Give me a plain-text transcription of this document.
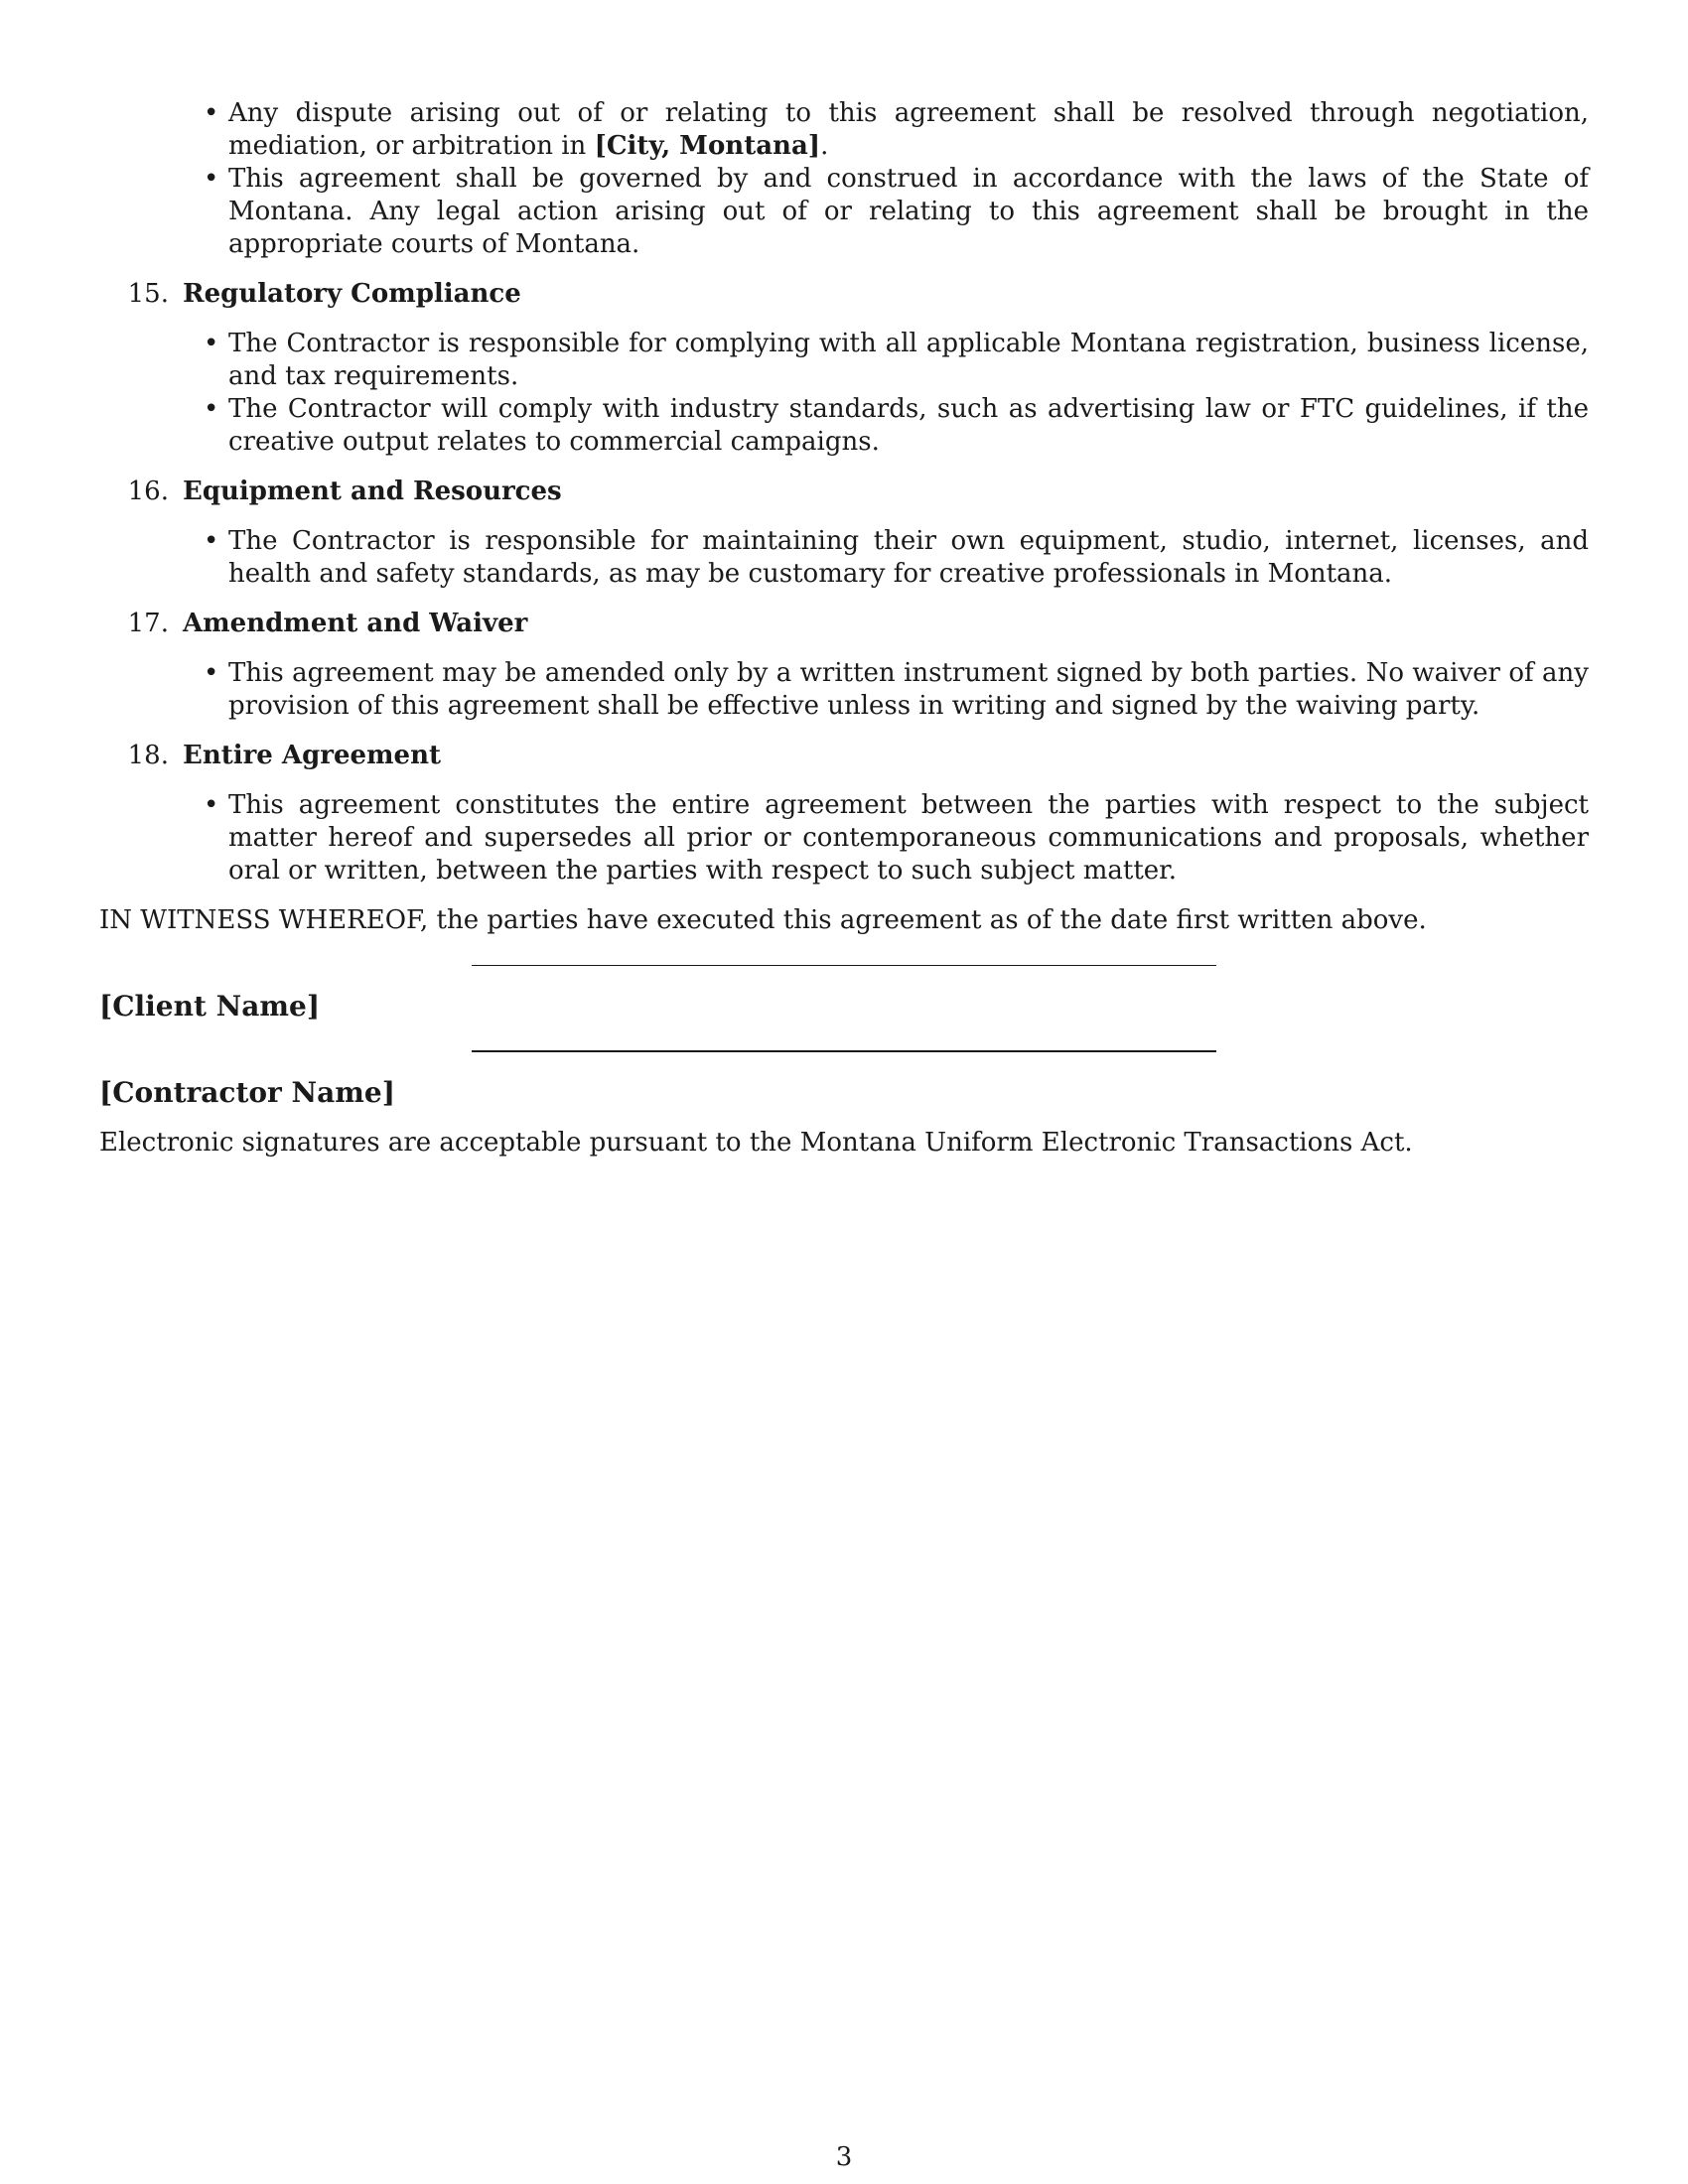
• Any dispute arising out of or relating to this agreement shall be resolved through negotiation, mediation, or arbitration in [City, Montana].
• This agreement shall be governed by and construed in accordance with the laws of the State of Montana. Any legal action arising out of or relating to this agreement shall be brought in the appropriate courts of Montana.
15. Regulatory Compliance
• The Contractor is responsible for complying with all applicable Montana registration, business license, and tax requirements.
• The Contractor will comply with industry standards, such as advertising law or FTC guidelines, if the creative output relates to commercial campaigns.
16. Equipment and Resources
• The Contractor is responsible for maintaining their own equipment, studio, internet, licenses, and health and safety standards, as may be customary for creative professionals in Montana.
17. Amendment and Waiver
• This agreement may be amended only by a written instrument signed by both parties. No waiver of any provision of this agreement shall be effective unless in writing and signed by the waiving party.
18. Entire Agreement
• This agreement constitutes the entire agreement between the parties with respect to the subject matter hereof and supersedes all prior or contemporaneous communications and proposals, whether oral or written, between the parties with respect to such subject matter.
IN WITNESS WHEREOF, the parties have executed this agreement as of the date first written above.
[Client Name]
[Contractor Name]
Electronic signatures are acceptable pursuant to the Montana Uniform Electronic Transactions Act.
3
